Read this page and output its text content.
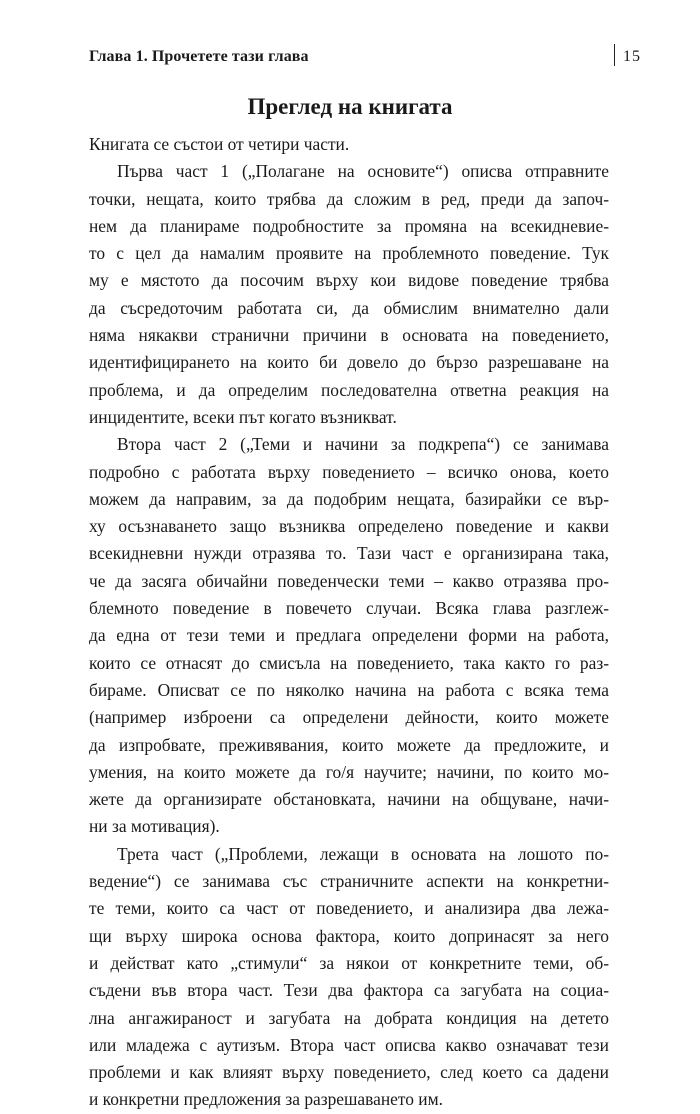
Глава 1. Прочетете тази глава	15
Преглед на книгата
Книгата се състои от четири части.
Първа част 1 („Полагане на основите“) описва отправните
точки, нещата, които трябва да сложим в ред, преди да започ-
нем да планираме подробностите за промяна на всекидневие-
то с цел да намалим проявите на проблемното поведение. Тук
му е мястото да посочим върху кои видове поведение трябва
да съсредоточим работата си, да обмислим внимателно дали
няма някакви странични причини в основата на поведението,
идентифицирането на които би довело до бързо разрешаване на
проблема, и да определим последователна ответна реакция на
инцидентите, всеки път когато възникват.
Втора част 2 („Теми и начини за подкрепа“) се занимава
подробно с работата върху поведението – всичко онова, което
можем да направим, за да подобрим нещата, базирайки се вър-
ху осъзнаването защо възниква определено поведение и какви
всекидневни нужди отразява то. Тази част е организирана така,
че да засяга обичайни поведенчески теми – какво отразява про-
блемното поведение в повечето случаи. Всяка глава разглеж-
да една от тези теми и предлага определени форми на работа,
които се отнасят до смисъла на поведението, така както го раз-
бираме. Описват се по няколко начина на работа с всяка тема
(например изброени са определени дейности, които можете
да изпробвате, преживявания, които можете да предложите, и
умения, на които можете да го/я научите; начини, по които мо-
жете да организирате обстановката, начини на общуване, начи-
ни за мотивация).
Трета част („Проблеми, лежащи в основата на лошото по-
ведение“) се занимава със страничните аспекти на конкретни-
те теми, които са част от поведението, и анализира два лежа-
щи върху широка основа фактора, които допринасят за него
и действат като „стимули“ за някои от конкретните теми, об-
съдени във втора част. Тези два фактора са загубата на социа-
лна ангажираност и загубата на добрата кондиция на детето
или младежа с аутизъм. Втора част описва какво означават тези
проблеми и как влияят върху поведението, след което са дадени
и конкретни предложения за разрешаването им.
